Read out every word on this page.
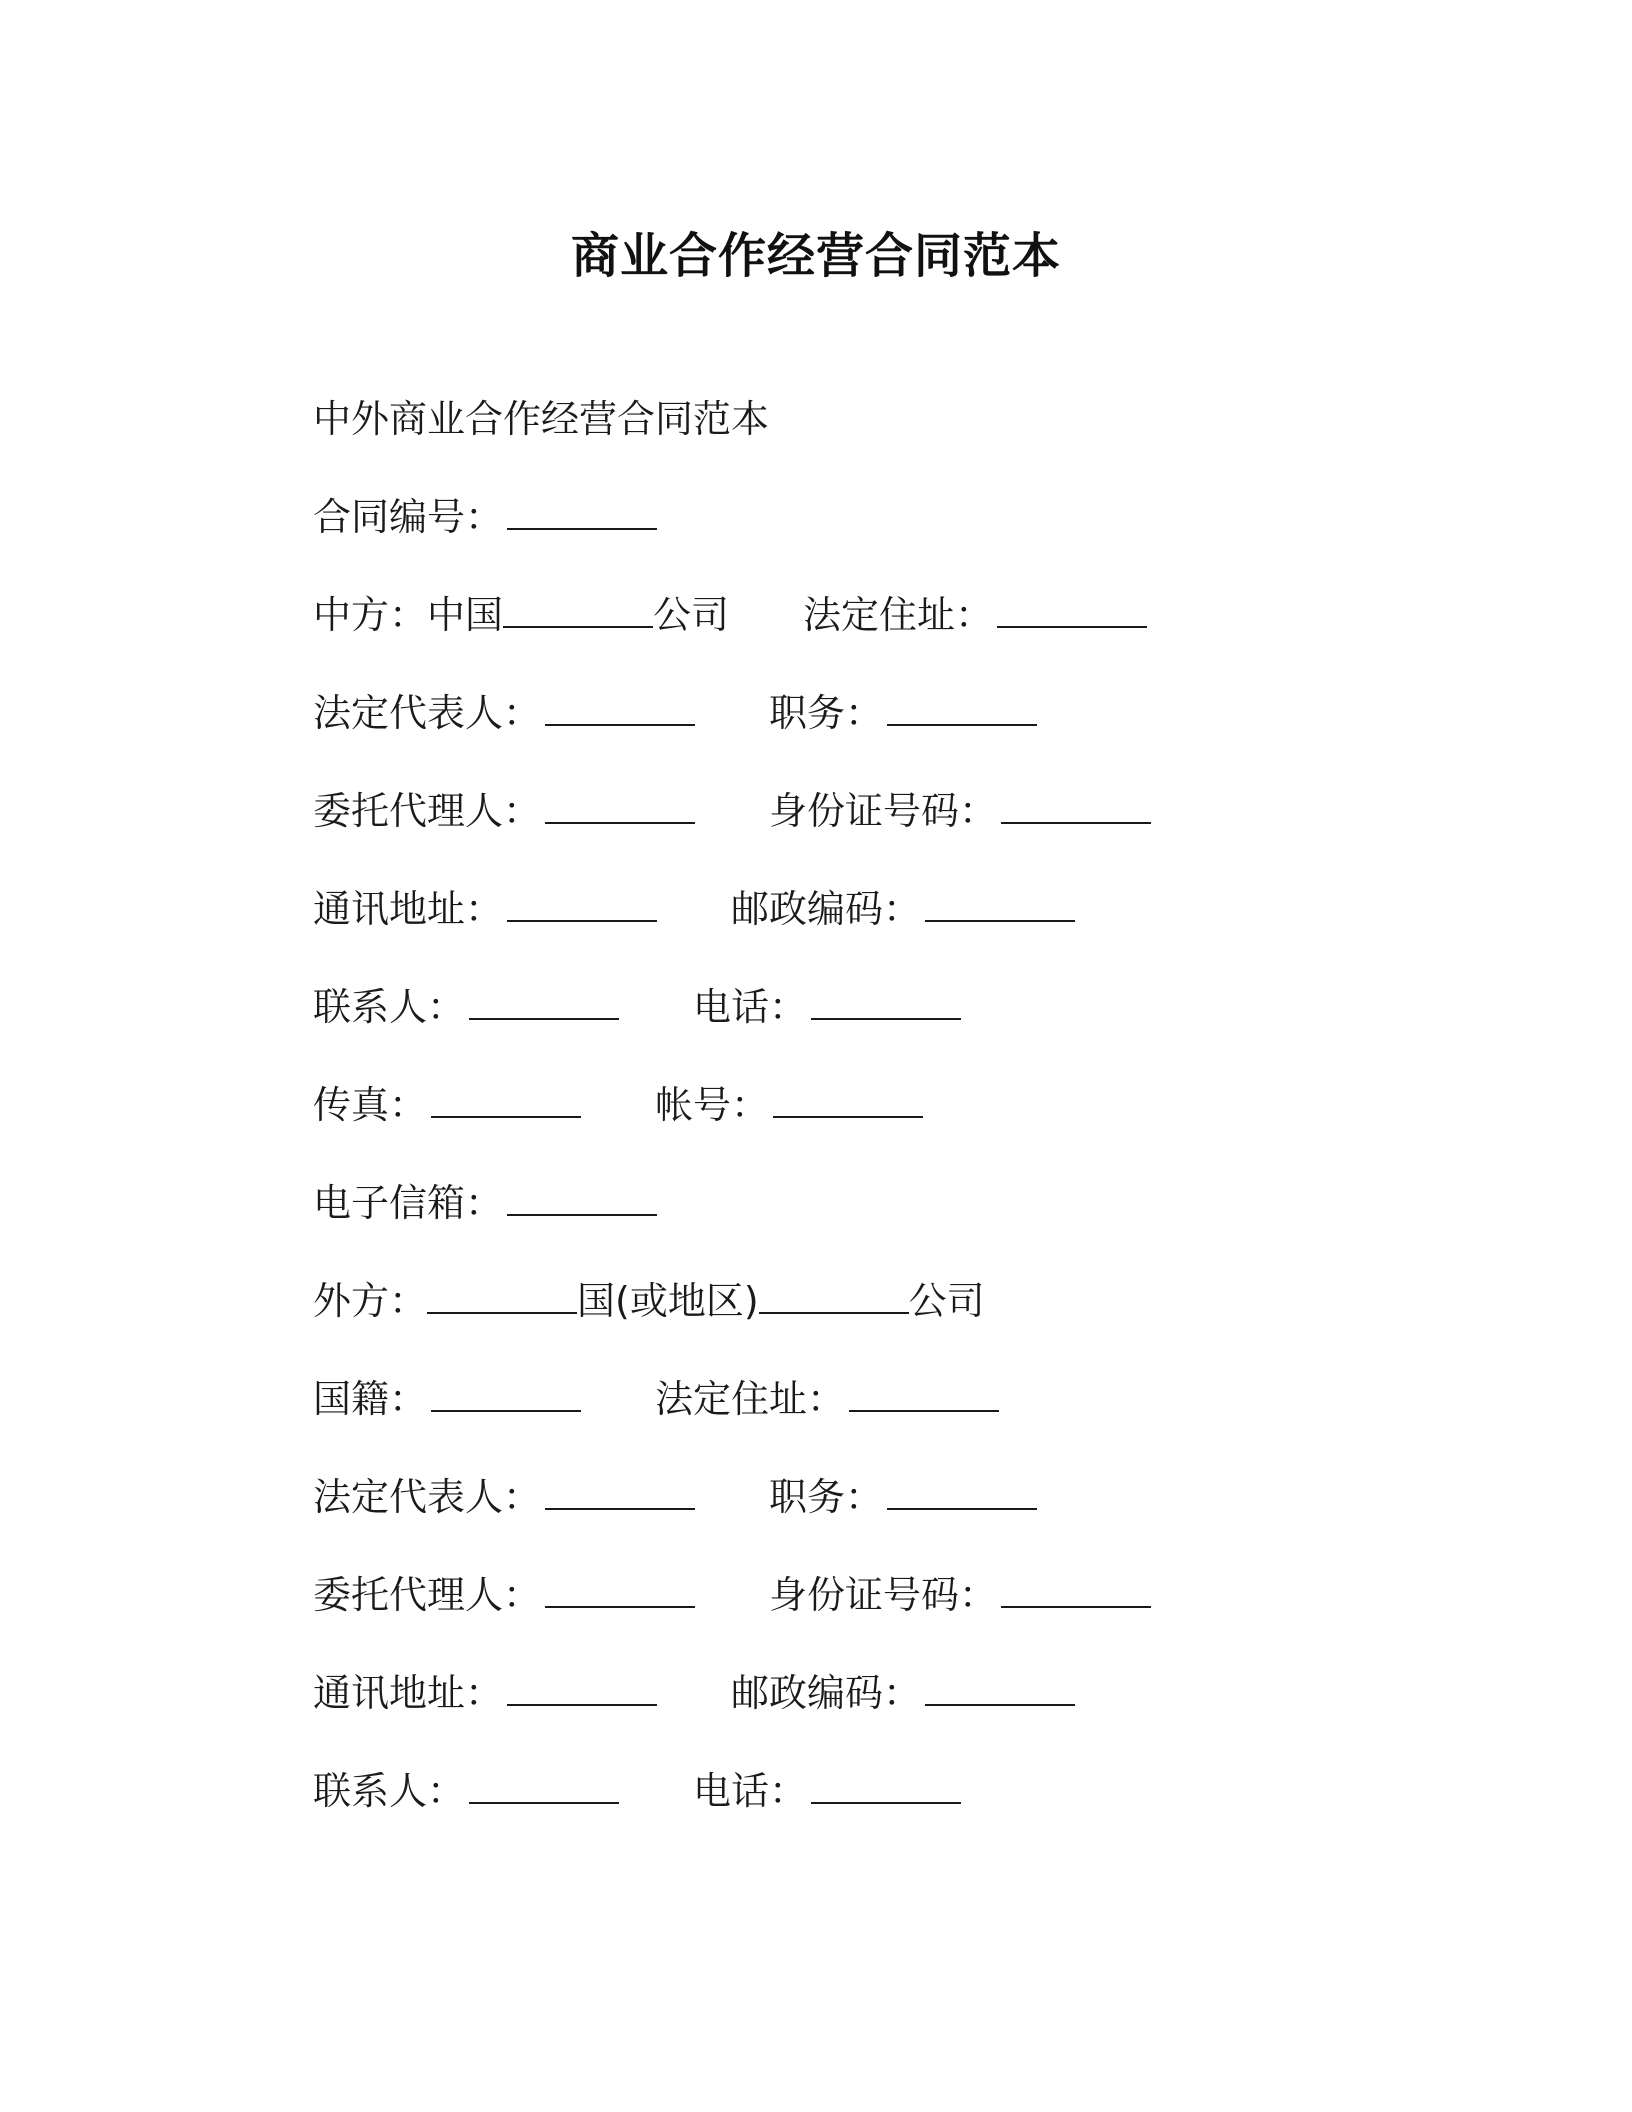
商业合作经营合同范本
中外商业合作经营合同范本
合同编号：
中方：中国	公司 法定住址：
法定代表人：	职务：
委托代理人：	身份证号码：
通讯地址：	邮政编码：
联系人：	电话：
传真：	帐号：
电子信箱：
外方：	国(或地区)	公司
国籍：	法定住址：
法定代表人：	职务：
委托代理人：	身份证号码：
通讯地址：	邮政编码：
联系人：	电话：
